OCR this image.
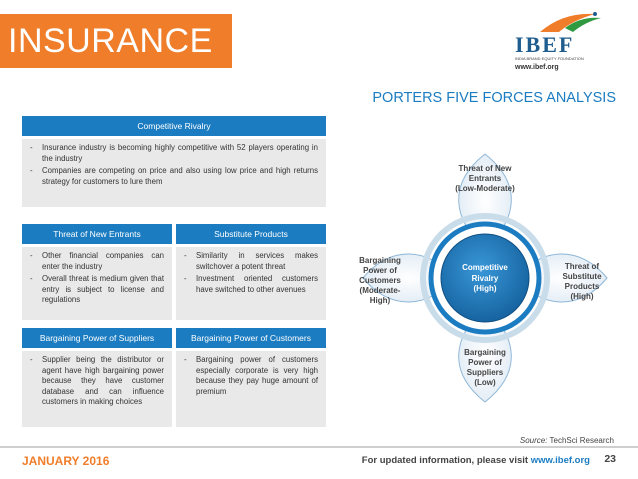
INSURANCE	IBEF
INDIA BRAND EQUITY FOUNDATION
www.ibef.org
PORTERS FIVE FORCES ANALYSIS
Competitive Rivalry
- Insurance industry is becoming highly competitive with 52 players operating in the industry
- Companies are competing on price and also using low price and high returns strategy for customers to lure them
Threat of New Entrants
- Other financial companies can enter the industry
- Overall threat is medium given that entry is subject to license and regulations
Substitute Products
- Similarity in services makes switchover a potent threat
- Investment oriented customers have switched to other avenues
Bargaining Power of Suppliers
- Supplier being the distributor or agent have high bargaining power because they have customer database and can influence customers in making choices
Bargaining Power of Customers
- Bargaining power of customers especially corporate is very high because they pay huge amount of premium
Competitive
Rivalry
(High)
Threat of New
Entrants
(Low-Moderate)
Bargaining
Power of
Customers
(Moderate-
High)
Threat of
Substitute
Products
(High)
Bargaining
Power of
Suppliers
(Low)
Source: TechSci Research
JANUARY 2016	For updated information, please visit www.ibef.org 23
